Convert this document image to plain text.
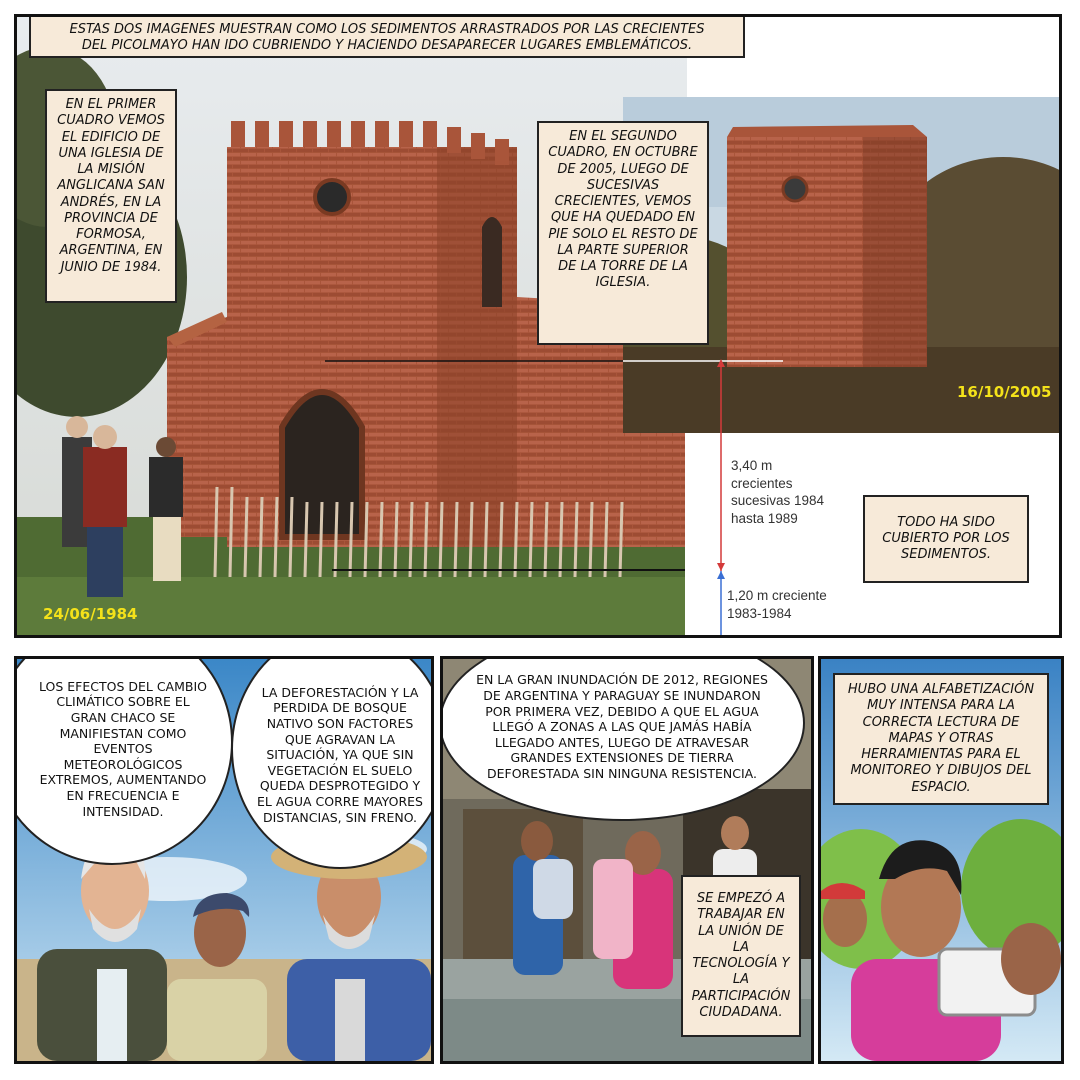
16/10/2005
3,40 m
crecientes
sucesivas 1984
hasta 1989
1,20 m creciente
1983-1984
24/06/1984
ESTAS DOS IMAGENES MUESTRAN COMO LOS SEDIMENTOS ARRASTRADOS POR LAS CRECIENTES
DEL PICOLMAYO HAN IDO CUBRIENDO Y HACIENDO DESAPARECER LUGARES EMBLEMÁTICOS.
EN EL PRIMER CUADRO VEMOS EL EDIFICIO DE UNA IGLESIA DE LA MISIÓN ANGLICANA SAN ANDRÉS, EN LA PROVINCIA DE FORMOSA, ARGENTINA, EN JUNIO DE 1984.
EN EL SEGUNDO CUADRO, EN OCTUBRE DE 2005, LUEGO DE SUCESIVAS CRECIENTES, VEMOS QUE HA QUEDADO EN PIE SOLO EL RESTO DE LA PARTE SUPERIOR DE LA TORRE DE LA IGLESIA.
TODO HA SIDO CUBIERTO POR LOS SEDIMENTOS.
LOS EFECTOS DEL CAMBIO CLIMÁTICO SOBRE EL GRAN CHACO SE MANIFIESTAN COMO EVENTOS METEOROLÓGICOS EXTREMOS, AUMENTANDO EN FRECUENCIA E INTENSIDAD.
LA DEFORESTACIÓN Y LA PERDIDA DE BOSQUE NATIVO SON FACTORES QUE AGRAVAN LA SITUACIÓN, YA QUE SIN VEGETACIÓN EL SUELO QUEDA DESPROTEGIDO Y EL AGUA CORRE MAYORES DISTANCIAS, SIN FRENO.
EN LA GRAN INUNDACIÓN DE 2012, REGIONES DE ARGENTINA Y PARAGUAY SE INUNDARON POR PRIMERA VEZ, DEBIDO A QUE EL AGUA LLEGÓ A ZONAS A LAS QUE JAMÁS HABÍA LLEGADO ANTES, LUEGO DE ATRAVESAR GRANDES EXTENSIONES DE TIERRA DEFORESTADA SIN NINGUNA RESISTENCIA.
SE EMPEZÓ A TRABAJAR EN LA UNIÓN DE LA TECNOLOGÍA Y LA PARTICIPACIÓN CIUDADANA.
HUBO UNA ALFABETIZACIÓN MUY INTENSA PARA LA CORRECTA LECTURA DE MAPAS Y OTRAS HERRAMIENTAS PARA EL MONITOREO Y DIBUJOS DEL ESPACIO.
